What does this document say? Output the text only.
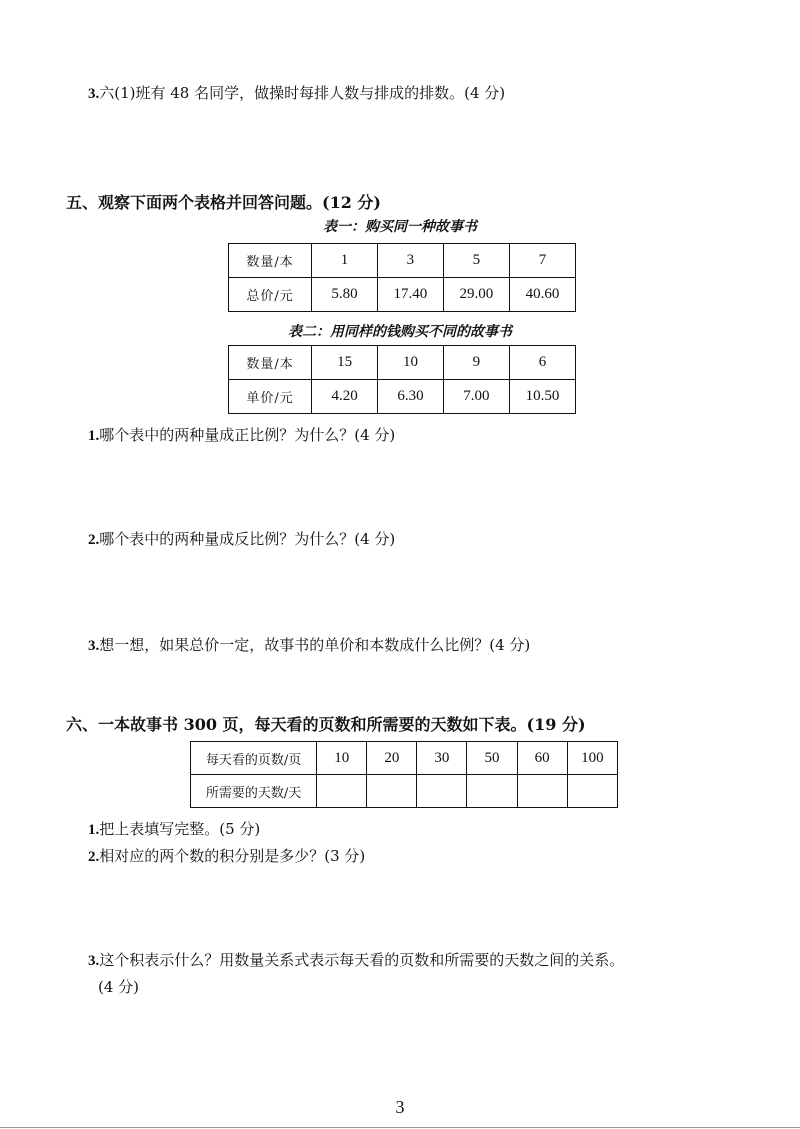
3.六(1)班有 48 名同学，做操时每排人数与排成的排数。(4 分)
五、观察下面两个表格并回答问题。(12 分)
表一：购买同一种故事书
数量/本	1	3	5	7
总价/元	5.80	17.40	29.00	40.60
表二：用同样的钱购买不同的故事书
数量/本	15	10	9	6
单价/元	4.20	6.30	7.00	10.50
1.哪个表中的两种量成正比例？为什么？(4 分)
2.哪个表中的两种量成反比例？为什么？(4 分)
3.想一想，如果总价一定，故事书的单价和本数成什么比例？(4 分)
六、一本故事书 300 页，每天看的页数和所需要的天数如下表。(19 分)
每天看的页数/页	10	20	30	50	60	100
所需要的天数/天						
1.把上表填写完整。(5 分)
2.相对应的两个数的积分别是多少？(3 分)
3.这个积表示什么？用数量关系式表示每天看的页数和所需要的天数之间的关系。
(4 分)
3
